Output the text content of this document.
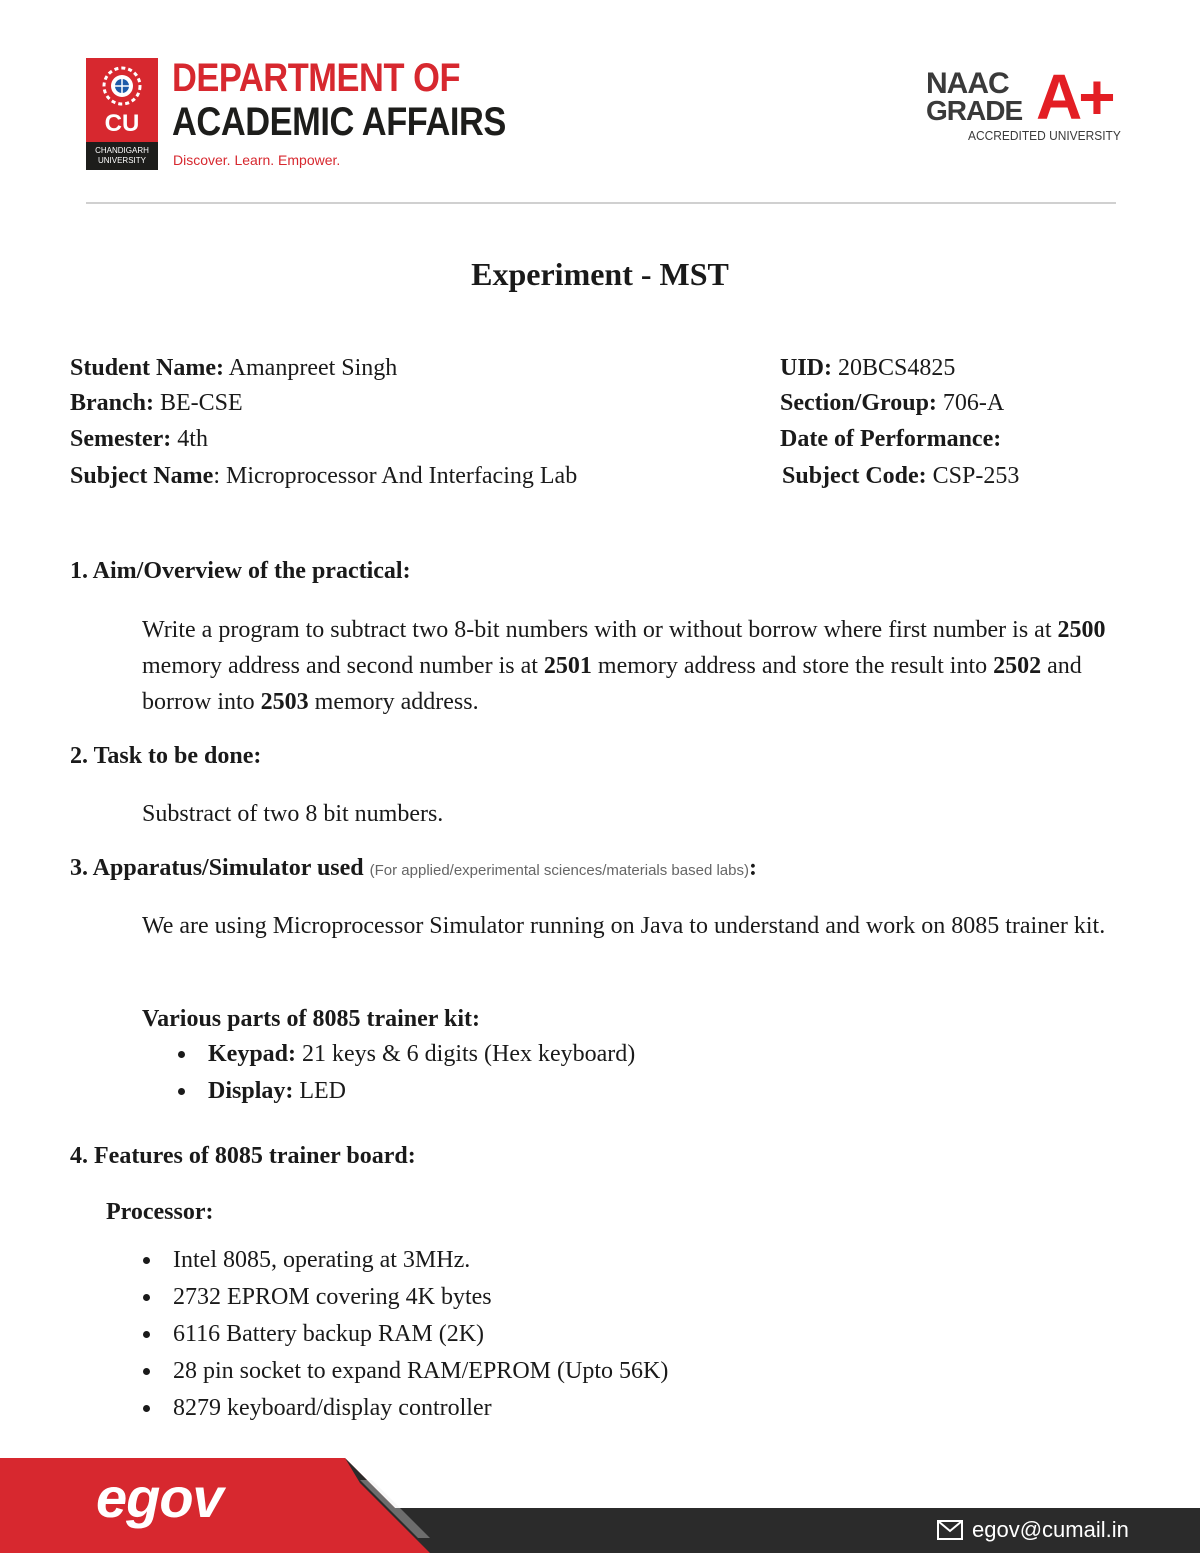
CU
CHANDIGARH
UNIVERSITY
DEPARTMENT OF
ACADEMIC AFFAIRS
Discover. Learn. Empower.
NAAC
GRADE A+
ACCREDITED UNIVERSITY
Experiment - MST
Student Name: Amanpreet Singh	UID: 20BCS4825
Branch: BE-CSE	Section/Group: 706-A
Semester: 4th	Date of Performance:
Subject Name: Microprocessor And Interfacing Lab	Subject Code: CSP-253
1. Aim/Overview of the practical:

Write a program to subtract two 8-bit numbers with or without borrow where first number is at 2500 memory address and second number is at 2501 memory address and store the result into 2502 and borrow into 2503 memory address.

2. Task to be done:
Substract of two 8 bit numbers.
3. Apparatus/Simulator used (For applied/experimental sciences/materials based labs):
We are using Microprocessor Simulator running on Java to understand and work on 8085 trainer kit.
Various parts of 8085 trainer kit:
Keypad: 21 keys & 6 digits (Hex keyboard)
Display: LED
4. Features of 8085 trainer board:
Processor:
Intel 8085, operating at 3MHz.
2732 EPROM covering 4K bytes
6116 Battery backup RAM (2K)
28 pin socket to expand RAM/EPROM (Upto 56K)
8279 keyboard/display controller
egov
egov@cumail.in
